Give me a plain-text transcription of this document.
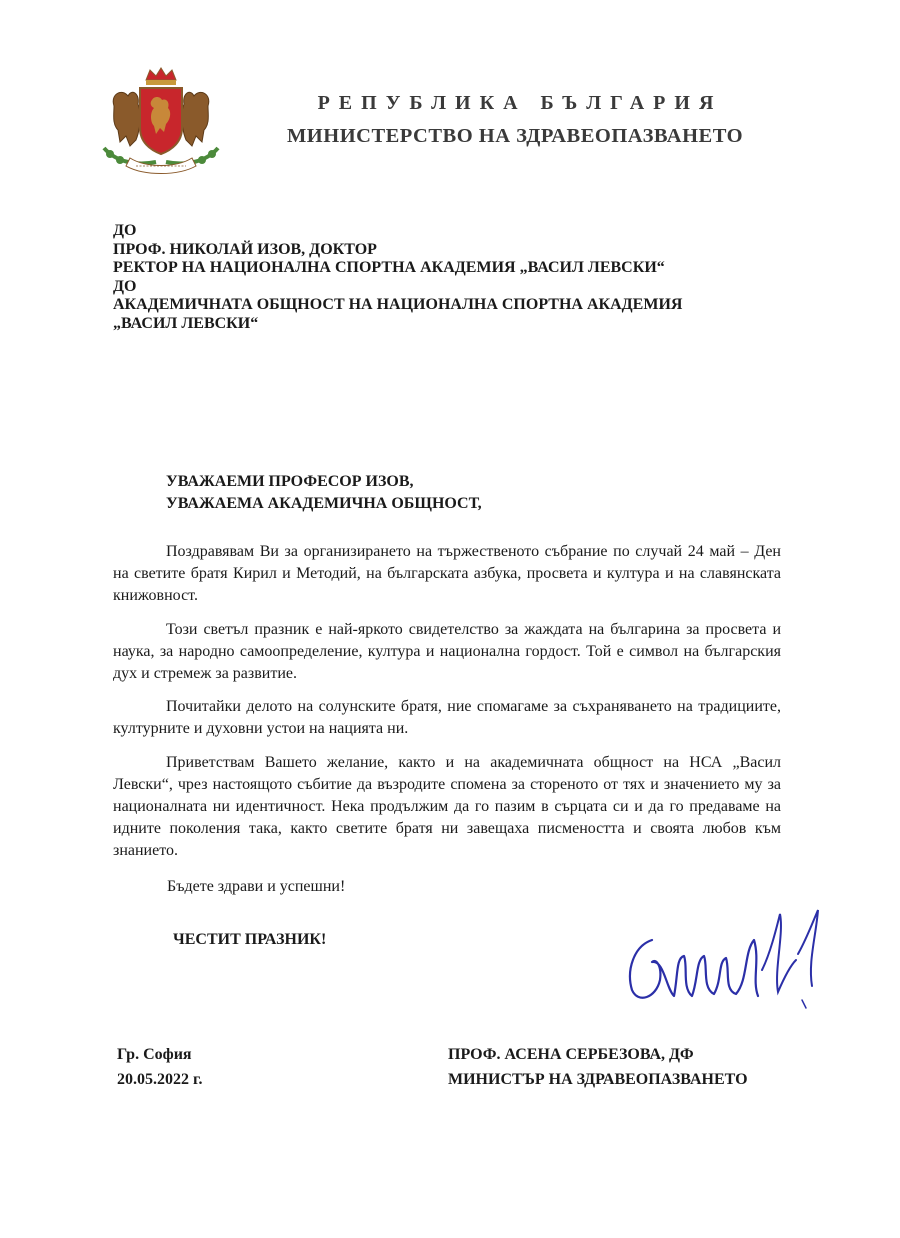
РЕПУБЛИКА БЪЛГАРИЯ
МИНИСТЕРСТВО НА ЗДРАВЕОПАЗВАНЕТО
ДО
ПРОФ. НИКОЛАЙ ИЗОВ, ДОКТОР
РЕКТОР НА НАЦИОНАЛНА СПОРТНА АКАДЕМИЯ „ВАСИЛ ЛЕВСКИ“
ДО
АКАДЕМИЧНАТА ОБЩНОСТ НА НАЦИОНАЛНА СПОРТНА АКАДЕМИЯ
„ВАСИЛ ЛЕВСКИ“
УВАЖАЕМИ ПРОФЕСОР ИЗОВ,
УВАЖАЕМА АКАДЕМИЧНА ОБЩНОСТ,

Поздравявам Ви за организирането на тържественото събрание по случай 24 май – Ден на светите братя Кирил и Методий, на българската азбука, просвета и култура и на славянската книжовност.

Този светъл празник е най-яркото свидетелство за жаждата на българина за просвета и наука, за народно самоопределение, култура и национална гордост. Той е символ на българския дух и стремеж за развитие.

Почитайки делото на солунските братя, ние спомагаме за съхраняването на традициите, културните и духовни устои на нацията ни.

Приветствам Вашето желание, както и на академичната общност на НСА „Васил Левски“, чрез настоящото събитие да възродите спомена за стореното от тях и значението му за националната ни идентичност. Нека продължим да го пазим в сърцата си и да го предаваме на идните поколения така, както светите братя ни завещаха писмеността и своята любов към знанието.

Бъдете здрави и успешни!
ЧЕСТИТ ПРАЗНИК!
Гр. София
20.05.2022 г.
ПРОФ. АСЕНА СЕРБЕЗОВА, ДФ
МИНИСТЪР НА ЗДРАВЕОПАЗВАНЕТО
